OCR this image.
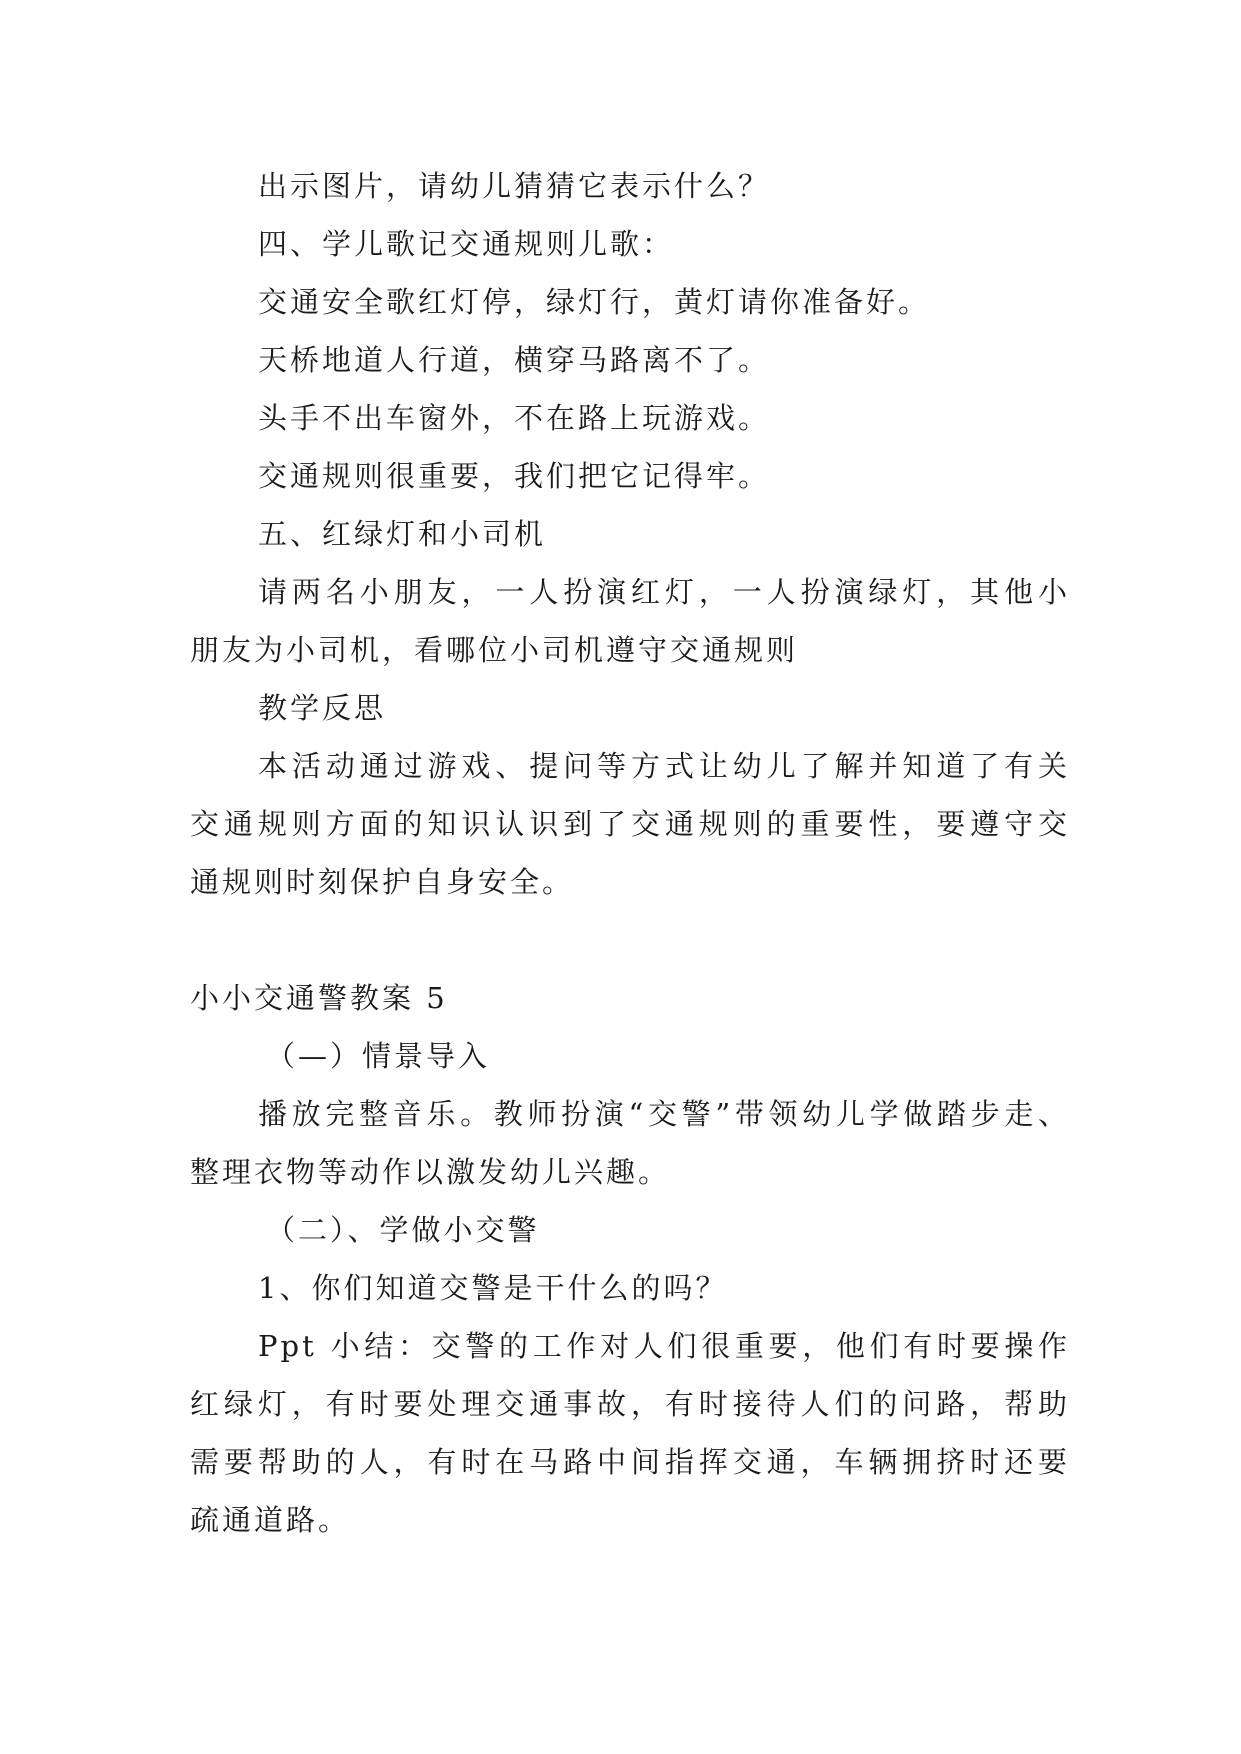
出示图片，请幼儿猜猜它表示什么？
四、学儿歌记交通规则儿歌：
交通安全歌红灯停，绿灯行，黄灯请你准备好。
天桥地道人行道，横穿马路离不了。
头手不出车窗外，不在路上玩游戏。
交通规则很重要，我们把它记得牢。
五、红绿灯和小司机
请两名小朋友，一人扮演红灯，一人扮演绿灯，其他小
朋友为小司机，看哪位小司机遵守交通规则
教学反思
本活动通过游戏、提问等方式让幼儿了解并知道了有关
交通规则方面的知识认识到了交通规则的重要性，要遵守交
通规则时刻保护自身安全。
小小交通警教案 5
（—）情景导入
播放完整音乐。教师扮演“交警”带领幼儿学做踏步走、
整理衣物等动作以激发幼儿兴趣。
（二）、学做小交警
1、你们知道交警是干什么的吗？
Ppt 小结：交警的工作对人们很重要，他们有时要操作
红绿灯，有时要处理交通事故，有时接待人们的问路，帮助
需要帮助的人，有时在马路中间指挥交通，车辆拥挤时还要
疏通道路。
